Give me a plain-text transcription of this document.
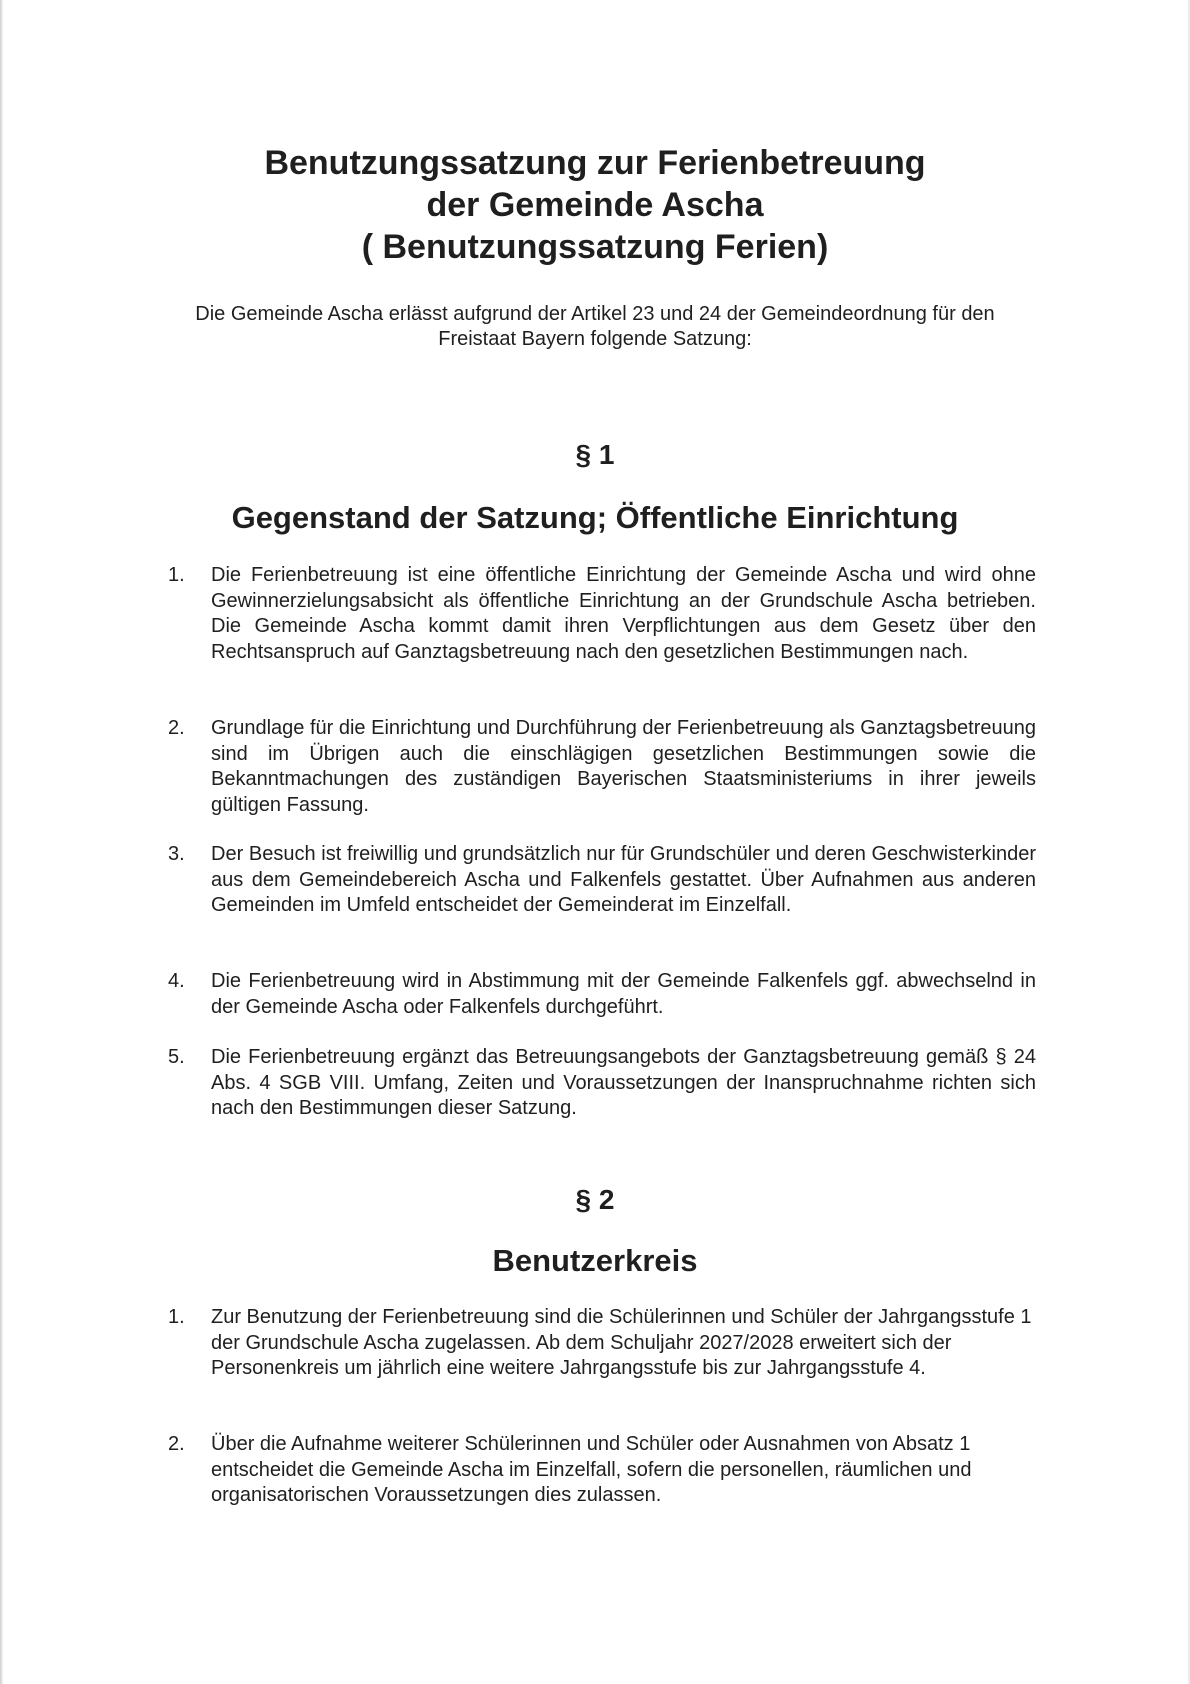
Benutzungssatzung zur Ferienbetreuung
der Gemeinde Ascha
( Benutzungssatzung Ferien)

Die Gemeinde Ascha erlässt aufgrund der Artikel 23 und 24 der Gemeindeordnung für den
Freistaat Bayern folgende Satzung:

§ 1
Gegenstand der Satzung; Öffentliche Einrichtung
1.	Die Ferienbetreuung ist eine öffentliche Einrichtung der Gemeinde Ascha und wird ohne Gewinnerzielungsabsicht als öffentliche Einrichtung an der Grundschule Ascha betrieben. Die Gemeinde Ascha kommt damit ihren Verpflichtungen aus dem Gesetz über den Rechtsanspruch auf Ganztagsbetreuung nach den gesetzlichen Bestimmungen nach.

2.	Grundlage für die Einrichtung und Durchführung der Ferienbetreuung als Ganztagsbetreuung sind im Übrigen auch die einschlägigen gesetzlichen Bestimmungen sowie die Bekanntmachungen des zuständigen Bayerischen Staatsministeriums in ihrer jeweils gültigen Fassung.

3.	Der Besuch ist freiwillig und grundsätzlich nur für Grundschüler und deren Geschwisterkinder aus dem Gemeindebereich Ascha und Falkenfels gestattet. Über Aufnahmen aus anderen Gemeinden im Umfeld entscheidet der Gemeinderat im Einzelfall.

4.	Die Ferienbetreuung wird in Abstimmung mit der Gemeinde Falkenfels ggf. abwechselnd in der Gemeinde Ascha oder Falkenfels durchgeführt.

5.	Die Ferienbetreuung ergänzt das Betreuungsangebots der Ganztagsbetreuung gemäß § 24 Abs. 4 SGB VIII. Umfang, Zeiten und Voraussetzungen der Inanspruchnahme richten sich nach den Bestimmungen dieser Satzung.

§ 2
Benutzerkreis
1.	Zur Benutzung der Ferienbetreuung sind die Schülerinnen und Schüler der Jahrgangsstufe 1 der Grundschule Ascha zugelassen. Ab dem Schuljahr 2027/2028 erweitert sich der Personenkreis um jährlich eine weitere Jahrgangsstufe bis zur Jahrgangsstufe 4.

2.	Über die Aufnahme weiterer Schülerinnen und Schüler oder Ausnahmen von Absatz 1 entscheidet die Gemeinde Ascha im Einzelfall, sofern die personellen, räumlichen und organisatorischen Voraussetzungen dies zulassen.
